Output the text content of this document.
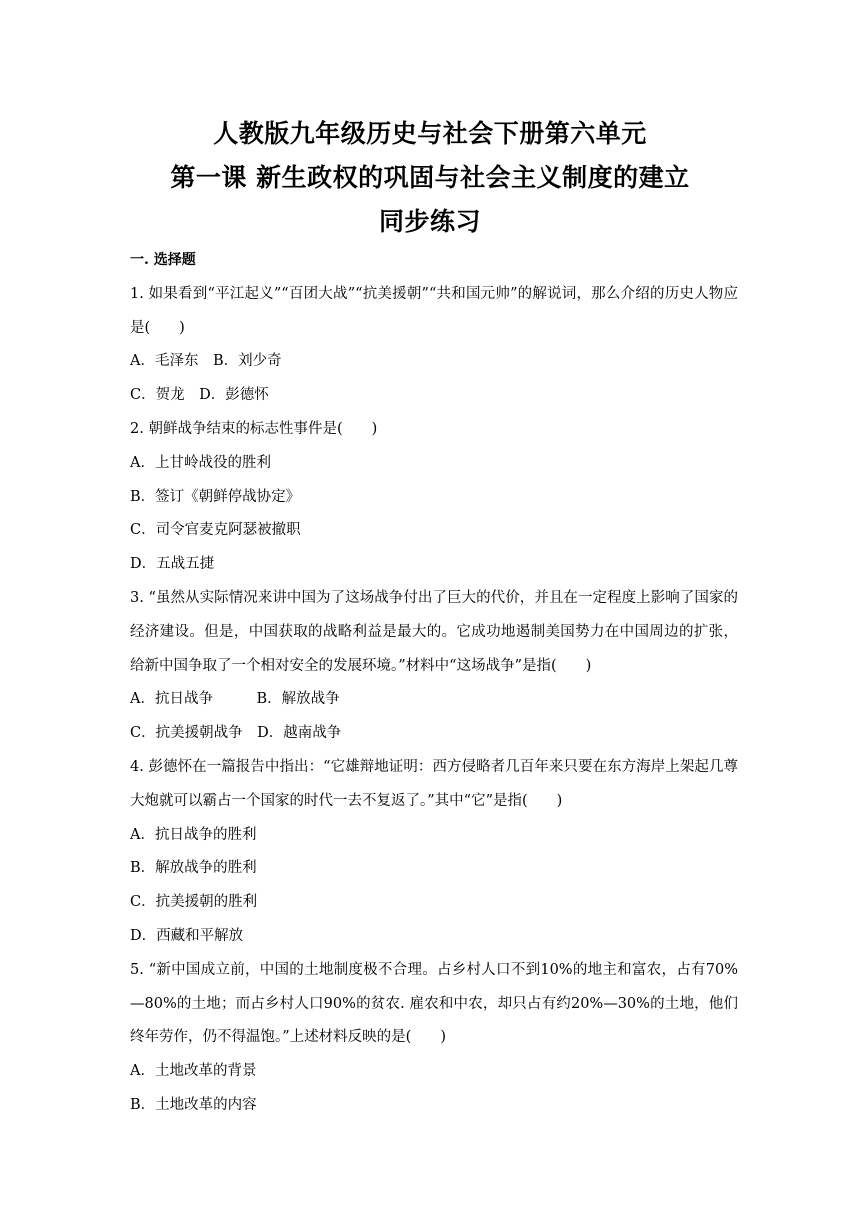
人教版九年级历史与社会下册第六单元
第一课 新生政权的巩固与社会主义制度的建立
同步练习
一. 选择题
1. 如果看到“平江起义”“百团大战”“抗美援朝”“共和国元帅”的解说词，那么介绍的历史人物应是(　　)
A．毛泽东　B．刘少奇
C．贺龙　D．彭德怀
2. 朝鲜战争结束的标志性事件是(　　)
A．上甘岭战役的胜利
B．签订《朝鲜停战协定》
C．司令官麦克阿瑟被撤职
D．五战五捷
3. “虽然从实际情况来讲中国为了这场战争付出了巨大的代价，并且在一定程度上影响了国家的经济建设。但是，中国获取的战略利益是最大的。它成功地遏制美国势力在中国周边的扩张，给新中国争取了一个相对安全的发展环境。”材料中“这场战争”是指(　　)
A．抗日战争　　　B．解放战争
C．抗美援朝战争　D．越南战争
4. 彭德怀在一篇报告中指出：“它雄辩地证明：西方侵略者几百年来只要在东方海岸上架起几尊大炮就可以霸占一个国家的时代一去不复返了。”其中“它”是指(　　)
A．抗日战争的胜利
B．解放战争的胜利
C．抗美援朝的胜利
D．西藏和平解放
5. “新中国成立前，中国的土地制度极不合理。占乡村人口不到10%的地主和富农，占有70%—80%的土地；而占乡村人口90%的贫农. 雇农和中农，却只占有约20%—30%的土地，他们终年劳作，仍不得温饱。”上述材料反映的是(　　)
A．土地改革的背景
B．土地改革的内容
